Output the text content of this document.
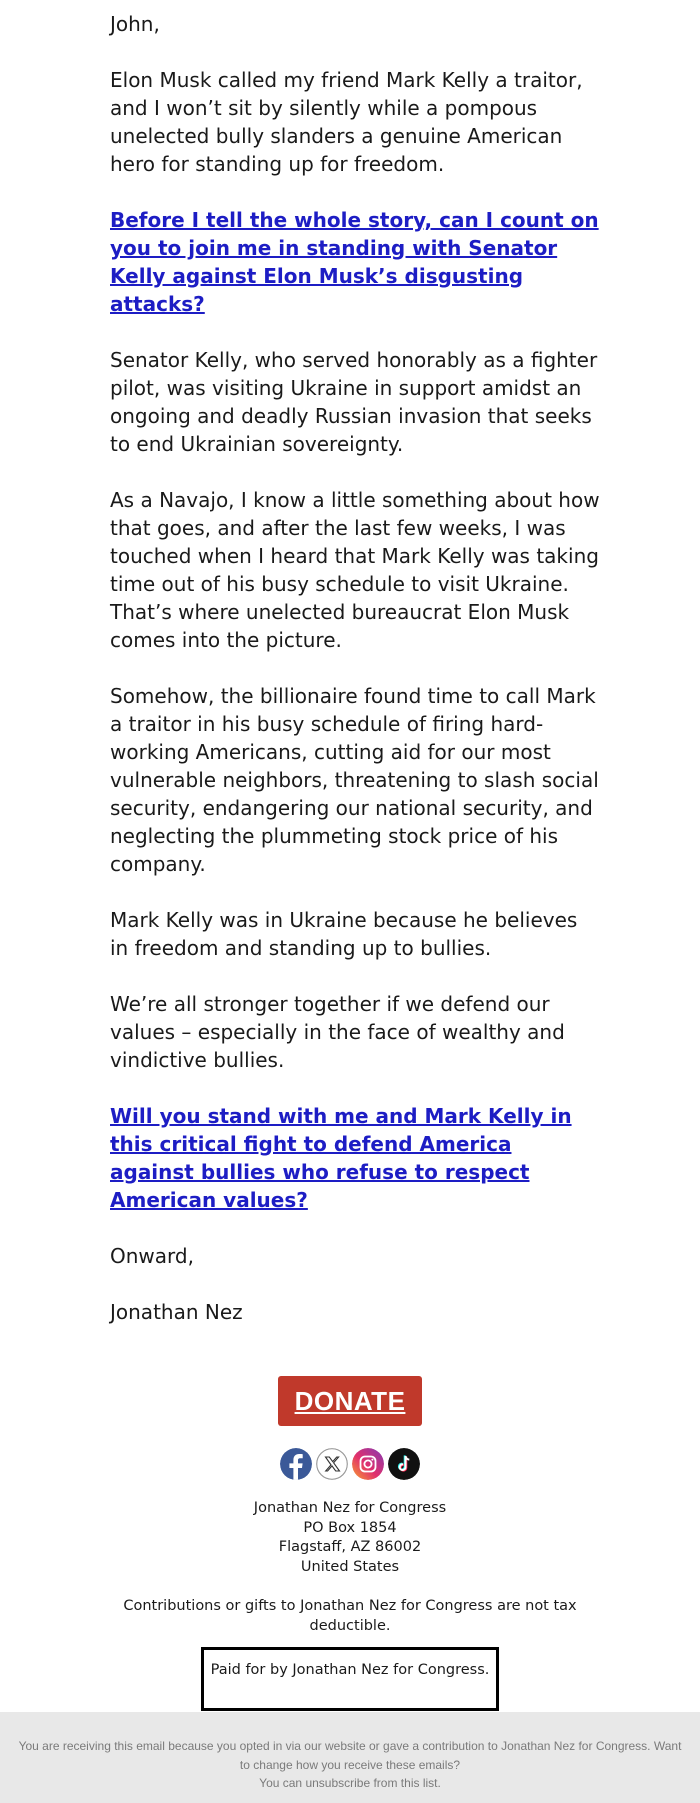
John,

Elon Musk called my friend Mark Kelly a traitor, and I won’t sit by silently while a pompous unelected bully slanders a genuine American hero for standing up for freedom.

Before I tell the whole story, can I count on you to join me in standing with Senator Kelly against Elon Musk’s disgusting attacks?

Senator Kelly, who served honorably as a fighter pilot, was visiting Ukraine in support amidst an ongoing and deadly Russian invasion that seeks to end Ukrainian sovereignty.

As a Navajo, I know a little something about how that goes, and after the last few weeks, I was touched when I heard that Mark Kelly was taking time out of his busy schedule to visit Ukraine.

That’s where unelected bureaucrat Elon Musk comes into the picture.

Somehow, the billionaire found time to call Mark a traitor in his busy schedule of firing hard-working Americans, cutting aid for our most vulnerable neighbors, threatening to slash social security, endangering our national security, and neglecting the plummeting stock price of his company.

Mark Kelly was in Ukraine because he believes in freedom and standing up to bullies.

We’re all stronger together if we defend our values – especially in the face of wealthy and vindictive bullies.

Will you stand with me and Mark Kelly in this critical fight to defend America against bullies who refuse to respect American values?

Onward,

Jonathan Nez

DONATE

Jonathan Nez for Congress
PO Box 1854
Flagstaff, AZ 86002
United States
Contributions or gifts to Jonathan Nez for Congress are not tax deductible.
Paid for by Jonathan Nez for Congress.
You are receiving this email because you opted in via our website or gave a contribution to Jonathan Nez for Congress. Want to change how you receive these emails?
You can unsubscribe from this list.
